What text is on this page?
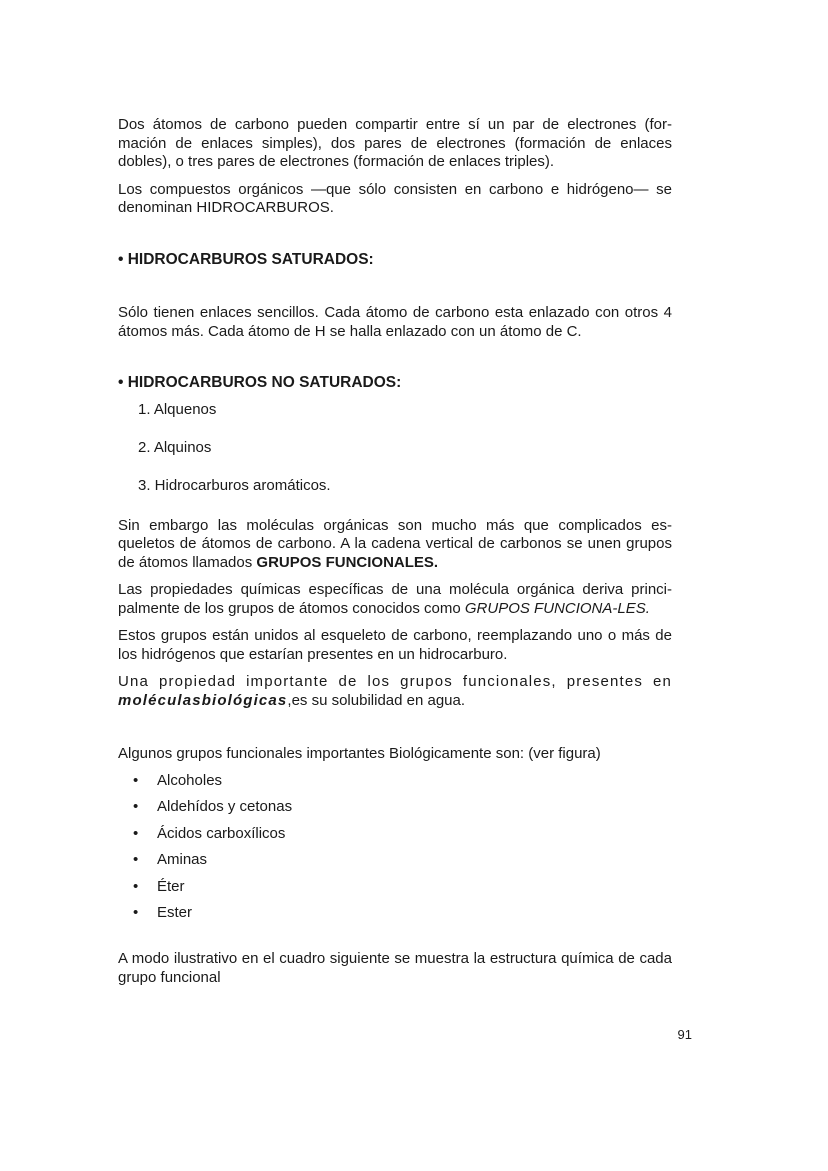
Dos átomos de carbono pueden compartir entre sí un par de electrones (for-mación de enlaces simples), dos pares de electrones (formación de enlaces dobles), o tres pares de electrones (formación de enlaces triples).

Los compuestos orgánicos —que sólo consisten en carbono e hidrógeno— se denominan HIDROCARBUROS.

• HIDROCARBUROS SATURADOS:

Sólo tienen enlaces sencillos. Cada átomo de carbono esta enlazado con otros 4 átomos más. Cada átomo de H se halla enlazado con un átomo de C.

• HIDROCARBUROS NO SATURADOS:

1. Alquenos
2. Alquinos
3. Hidrocarburos aromáticos.

Sin embargo las moléculas orgánicas son mucho más que complicados es-queletos de átomos de carbono. A la cadena vertical de carbonos se unen grupos de átomos llamados GRUPOS FUNCIONALES.

Las propiedades químicas específicas de una molécula orgánica deriva princi-palmente de los grupos de átomos conocidos como GRUPOS FUNCIONA-LES.

Estos grupos están unidos al esqueleto de carbono, reemplazando uno o más de los hidrógenos que estarían presentes en un hidrocarburo.

Una propiedad importante de los grupos funcionales, presentes en moléculasbiológicas,es su solubilidad en agua.

Algunos grupos funcionales importantes Biológicamente son: (ver figura)

• Alcoholes
• Aldehídos y cetonas
• Ácidos carboxílicos
• Aminas
• Éter
• Ester

A modo ilustrativo en el cuadro siguiente se muestra la estructura química de cada grupo funcional

91
